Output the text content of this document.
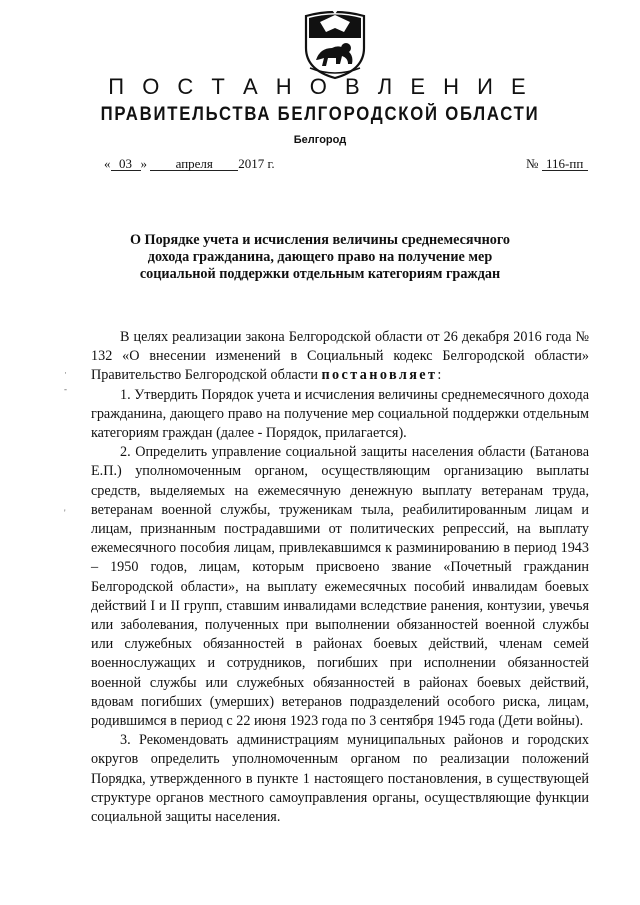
П О С Т А Н О В Л Е Н И Е
ПРАВИТЕЛЬСТВА БЕЛГОРОДСКОЙ ОБЛАСТИ
Белгород
« 03 » апреля 2017 г.	№ 116-пп
О Порядке учета и исчисления величины среднемесячного
дохода гражданина, дающего право на получение мер
социальной поддержки отдельным категориям граждан

В целях реализации закона Белгородской области от 26 декабря 2016 года № 132 «О внесении изменений в Социальный кодекс Белгородской области» Правительство Белгородской области постановляет:

1. Утвердить Порядок учета и исчисления величины среднемесячного дохода гражданина, дающего право на получение мер социальной поддержки отдельным категориям граждан (далее - Порядок, прилагается).

2. Определить управление социальной защиты населения области (Батанова Е.П.) уполномоченным органом, осуществляющим организацию выплаты средств, выделяемых на ежемесячную денежную выплату ветеранам труда, ветеранам военной службы, труженикам тыла, реабилитированным лицам и лицам, признанным пострадавшими от политических репрессий, на выплату ежемесячного пособия лицам, привлекавшимся к разминированию в период 1943 – 1950 годов, лицам, которым присвоено звание «Почетный гражданин Белгородской области», на выплату ежемесячных пособий инвалидам боевых действий I и II групп, ставшим инвалидами вследствие ранения, контузии, увечья или заболевания, полученных при выполнении обязанностей военной службы или служебных обязанностей в районах боевых действий, членам семей военнослужащих и сотрудников, погибших при исполнении обязанностей военной службы или служебных обязанностей в районах боевых действий, вдовам погибших (умерших) ветеранов подразделений особого риска, лицам, родившимся в период с 22 июня 1923 года по 3 сентября 1945 года (Дети войны).

3. Рекомендовать администрациям муниципальных районов и городских округов определить уполномоченным органом по реализации положений Порядка, утвержденного в пункте 1 настоящего постановления, в существующей структуре органов местного самоуправления органы, осуществляющие функции социальной защиты населения.

·
-
'
